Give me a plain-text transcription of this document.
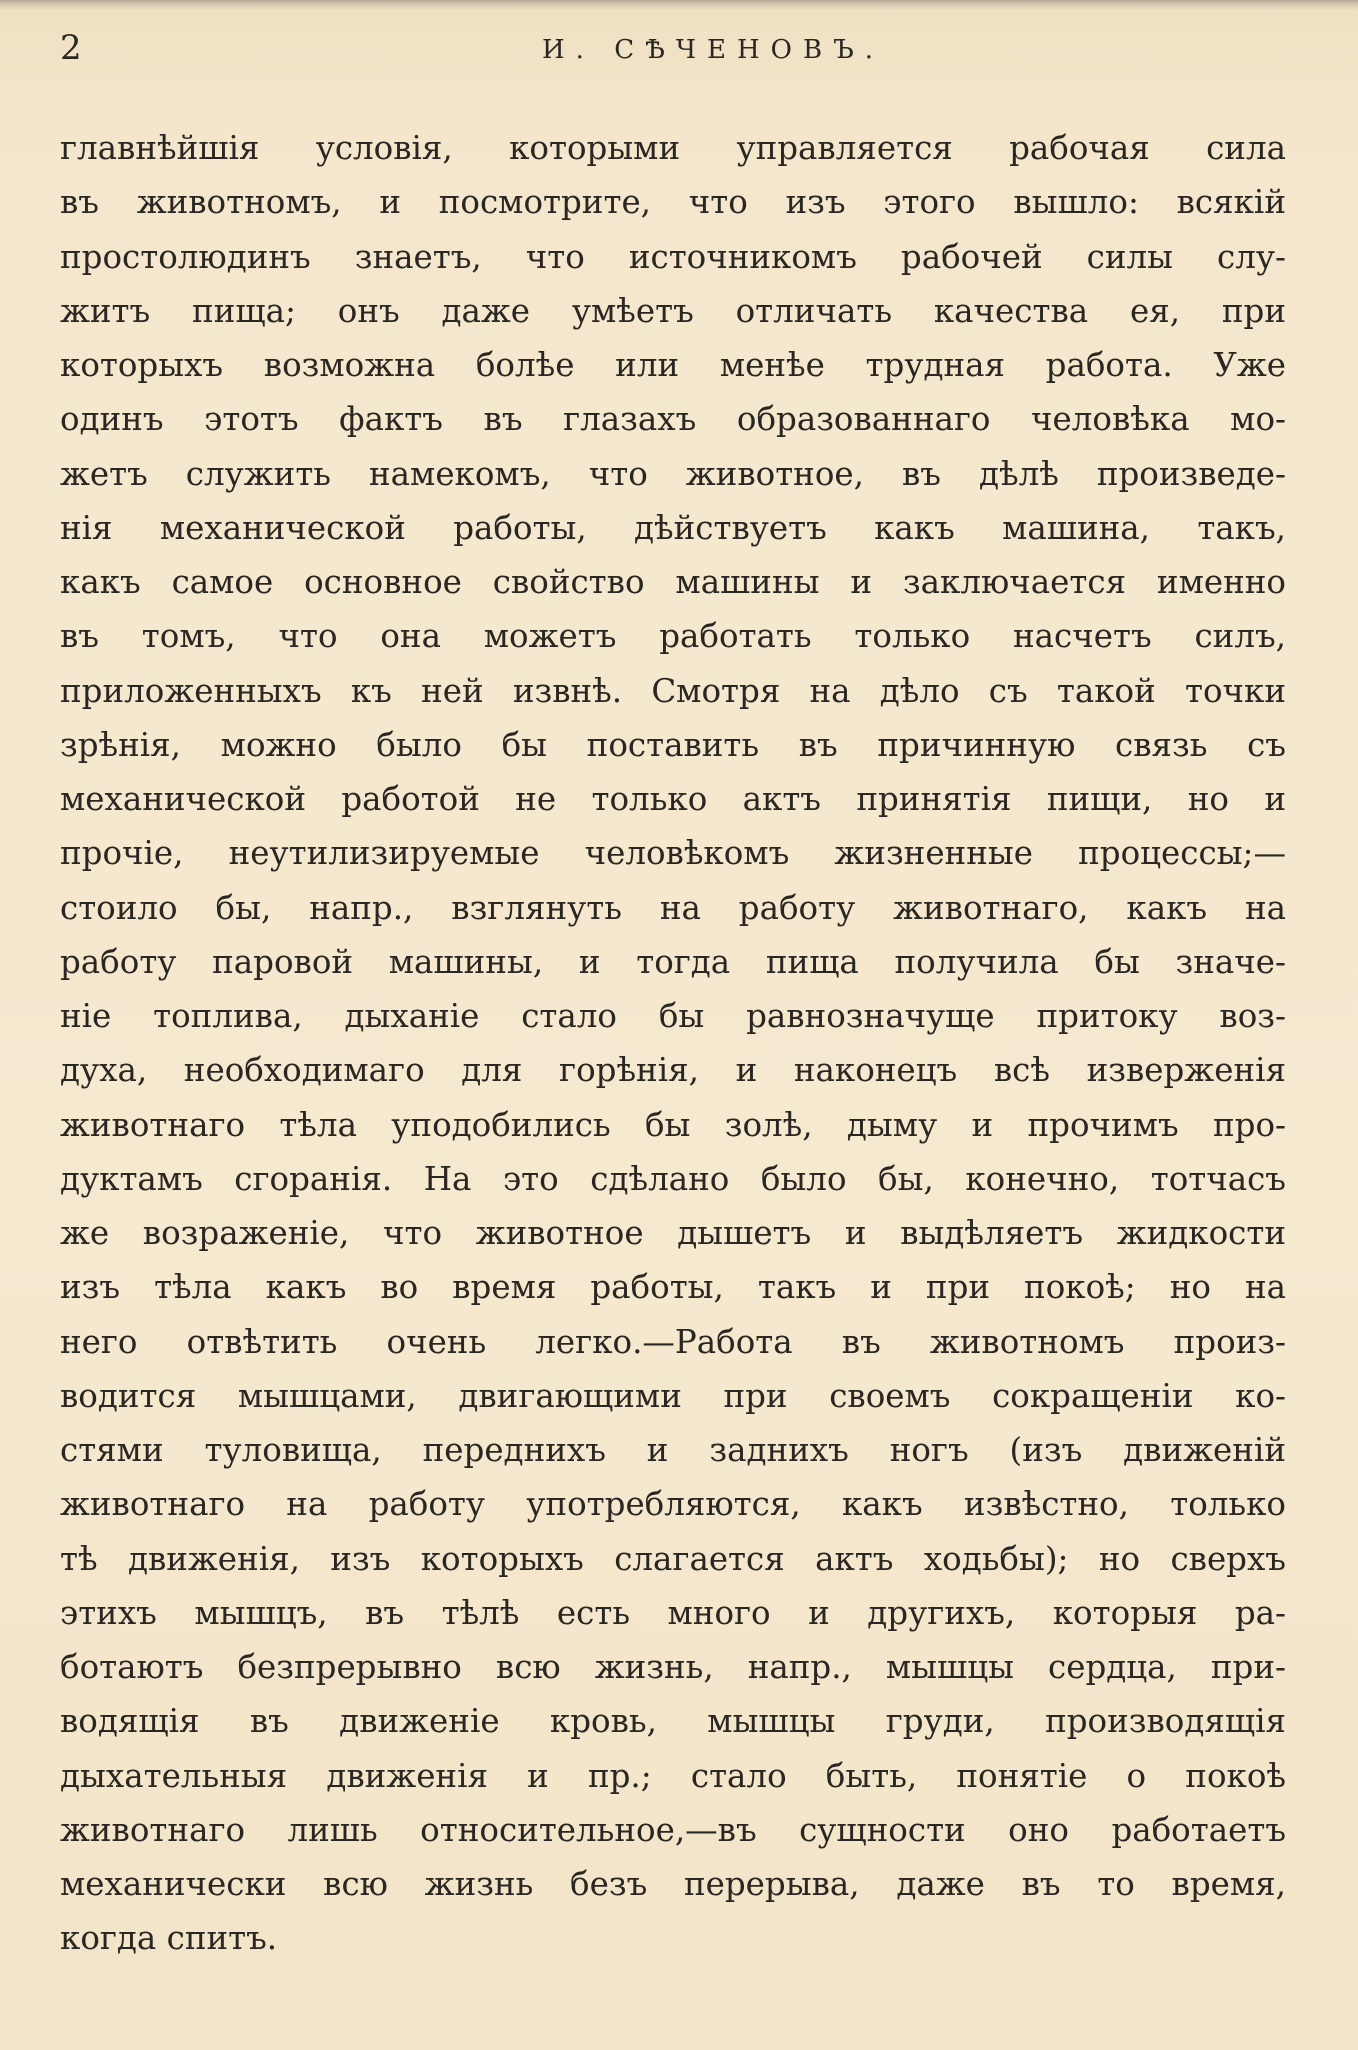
2	И. СѢЧЕНОВЪ.
главнѣйшія условія, которыми управляется рабочая сила
въ животномъ, и посмотрите, что изъ этого вышло: всякій
простолюдинъ знаетъ, что источникомъ рабочей силы слу-
житъ пища; онъ даже умѣетъ отличать качества ея, при
которыхъ возможна болѣе или менѣе трудная работа. Уже
одинъ этотъ фактъ въ глазахъ образованнаго человѣка мо-
жетъ служить намекомъ, что животное, въ дѣлѣ произведе-
нія механической работы, дѣйствуетъ какъ машина, такъ,
какъ самое основное свойство машины и заключается именно
въ томъ, что она можетъ работать только насчетъ силъ,
приложенныхъ къ ней извнѣ. Смотря на дѣло съ такой точки
зрѣнія, можно было бы поставить въ причинную связь съ
механической работой не только актъ принятія пищи, но и
прочіе, неутилизируемые человѣкомъ жизненные процессы;—
стоило бы, напр., взглянуть на работу животнаго, какъ на
работу паровой машины, и тогда пища получила бы значе-
ніе топлива, дыханіе стало бы равнозначуще притоку воз-
духа, необходимаго для горѣнія, и наконецъ всѣ изверженія
животнаго тѣла уподобились бы золѣ, дыму и прочимъ про-
дуктамъ сгоранія. На это сдѣлано было бы, конечно, тотчасъ
же возраженіе, что животное дышетъ и выдѣляетъ жидкости
изъ тѣла какъ во время работы, такъ и при покоѣ; но на
него отвѣтить очень легко.—Работа въ животномъ произ-
водится мышцами, двигающими при своемъ сокращеніи ко-
стями туловища, переднихъ и заднихъ ногъ (изъ движеній
животнаго на работу употребляются, какъ извѣстно, только
тѣ движенія, изъ которыхъ слагается актъ ходьбы); но сверхъ
этихъ мышцъ, въ тѣлѣ есть много и другихъ, которыя ра-
ботаютъ безпрерывно всю жизнь, напр., мышцы сердца, при-
водящія въ движеніе кровь, мышцы груди, производящія
дыхательныя движенія и пр.; стало быть, понятіе о покоѣ
животнаго лишь относительное,—въ сущности оно работаетъ
механически всю жизнь безъ перерыва, даже въ то время,
когда спитъ.
